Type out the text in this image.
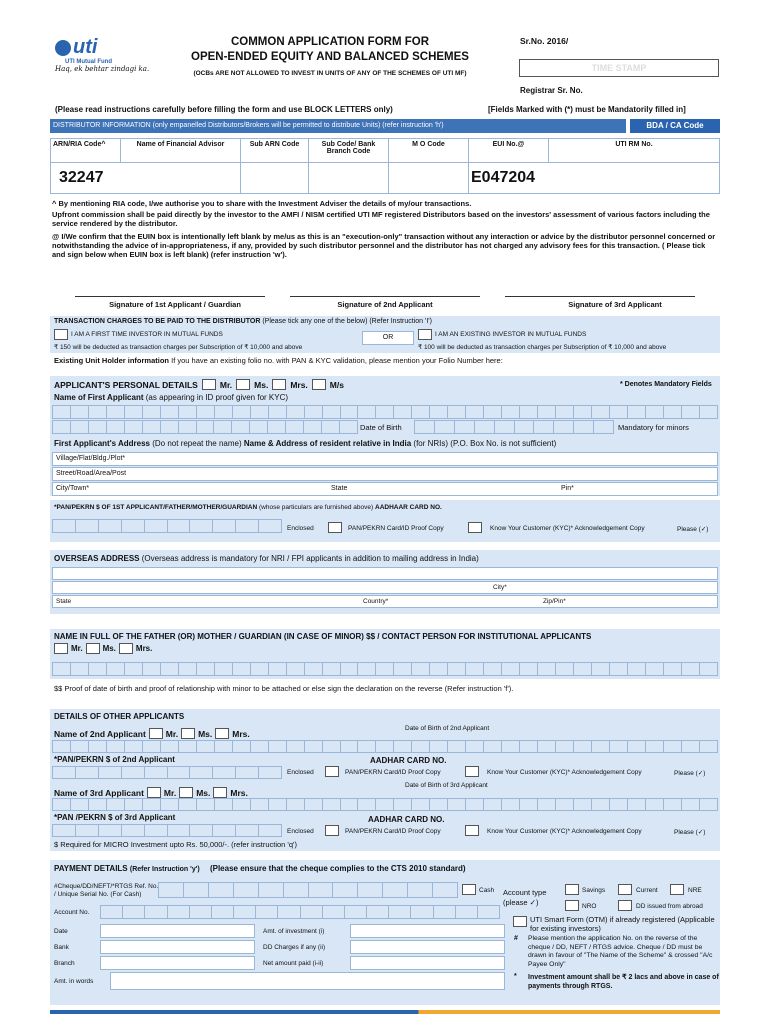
uti
UTI Mutual Fund
Haq, ek behtar zindagi ka.
COMMON APPLICATION FORM FOR
OPEN-ENDED EQUITY AND BALANCED SCHEMES
(OCBs ARE NOT ALLOWED TO INVEST IN UNITS OF ANY OF THE SCHEMES OF UTI MF)
Sr.No. 2016/
TIME STAMP
Registrar Sr. No.
(Please read instructions carefully before filling the form and use BLOCK LETTERS only)	[Fields Marked with (*) must be Mandatorily filled in]
DISTRIBUTOR INFORMATION (only empanelled Distributors/Brokers will be permitted to distribute Units) (refer instruction 'h')	BDA / CA Code
ARN/RIA Code^	Name of Financial Advisor	Sub ARN Code	Sub Code/ Bank Branch Code	M O Code	EUI No.@	UTI RM No.
32247					E047204	
^ By mentioning RIA code, I/we authorise you to share with the Investment Adviser the details of my/our transactions.
Upfront commission shall be paid directly by the investor to the AMFI / NISM certified UTI MF registered Distributors based on the investors' assessment of various factors including the service rendered by the distributor.
@ I/We confirm that the EUIN box is intentionally left blank by me/us as this is an "execution-only" transaction without any interaction or advice by the distributor personnel concerned or notwithstanding the advice of in-appropriateness, if any, provided by such distributor personnel and the distributor has not charged any advisory fees for this transaction. ( Please tick and sign below when EUIN box is left blank) (refer instruction 'w').
Signature of 1st Applicant / Guardian	Signature of 2nd Applicant	Signature of 3rd Applicant
TRANSACTION CHARGES TO BE PAID TO THE DISTRIBUTOR (Please tick any one of the below) (Refer Instruction 'I')
I AM A FIRST TIME INVESTOR IN MUTUAL FUNDS	OR	I AM AN EXISTING INVESTOR IN MUTUAL FUNDS
₹ 150 will be deducted as transaction charges per Subscription of ₹ 10,000 and above	₹ 100 will be deducted as transaction charges per Subscription of ₹ 10,000 and above
Existing Unit Holder information If you have an existing folio no. with PAN & KYC validation, please mention your Folio Number here:
APPLICANT'S PERSONAL DETAILS	Mr.	Ms.	Mrs.	M/s	* Denotes Mandatory Fields
Name of First Applicant (as appearing in ID proof given for KYC)
Date of Birth	Mandatory for minors
First Applicant's Address (Do not repeat the name) Name & Address of resident relative in India (for NRIs) (P.O. Box No. is not sufficient)
Village/Flat/Bldg./Plot*
Street/Road/Area/Post
City/Town*	State	Pin*
*PAN/PEKRN $ OF 1ST APPLICANT/FATHER/MOTHER/GUARDIAN (whose particulars are furnished above) AADHAAR CARD NO.
Enclosed	PAN/PEKRN Card/ID Proof Copy	Know Your Customer (KYC)* Acknowledgement Copy	Please (✓)
OVERSEAS ADDRESS (Overseas address is mandatory for NRI / FPI applicants in addition to mailing address in India)
City*
State	Country*	Zip/Pin*
NAME IN FULL OF THE FATHER (OR) MOTHER / GUARDIAN (IN CASE OF MINOR) $$ / CONTACT PERSON FOR INSTITUTIONAL APPLICANTS
Mr.	Ms.	Mrs.
$$ Proof of date of birth and proof of relationship with minor to be attached or else sign the declaration on the reverse (Refer instruction 'f').
DETAILS OF OTHER APPLICANTS
Name of 2nd Applicant Mr. Ms. Mrs.	Date of Birth of 2nd Applicant
*PAN/PEKRN $ of 2nd Applicant	AADHAR CARD NO.
Enclosed	PAN/PEKRN Card/ID Proof Copy	Know Your Customer (KYC)* Acknowledgement Copy	Please (✓)
Name of 3rd Applicant Mr. Ms. Mrs.
Date of Birth of 3rd Applicant
*PAN /PEKRN $ of 3rd Applicant	AADHAR CARD NO.
Enclosed	PAN/PEKRN Card/ID Proof Copy	Know Your Customer (KYC)* Acknowledgement Copy	Please (✓)
$ Required for MICRO Investment upto Rs. 50,000/-. (refer instruction 'q')
PAYMENT DETAILS (Refer Instruction 'y') (Please ensure that the cheque complies to the CTS 2010 standard)
#Cheque/DD/NEFT/*RTGS Ref. No.
/ Unique Serial No. (For Cash)
Cash Account type
(please ✓)
Savings	Current	NRE
NRO	DD issued from abroad
Account No.
Date	Amt. of investment (i)
Bank	DD Charges if any (ii)
Branch	Net amount paid (i-ii)
Amt. in words
UTI Smart Form (OTM) if already registered (Applicable for existing investors)
# Please mention the application No. on the reverse of the cheque / DD, NEFT / RTGS advice. Cheque / DD must be drawn in favour of "The Name of the Scheme" & crossed "A/c Payee Only"
* Investment amount shall be ₹ 2 lacs and above in case of payments through RTGS.
